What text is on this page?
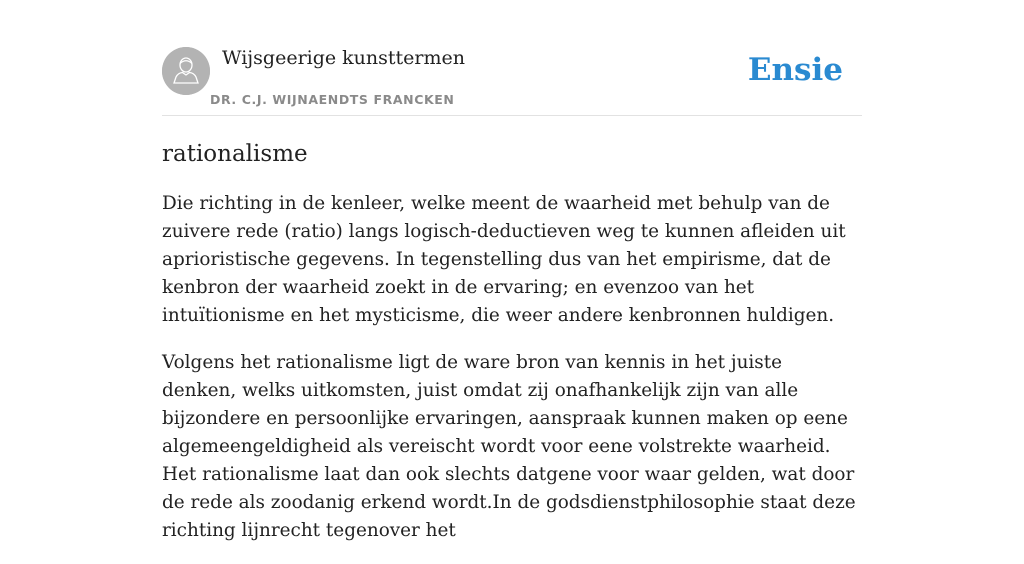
Wijsgeerige kunsttermen
DR. C.J. WIJNAENDTS FRANCKEN
Ensie
rationalisme

Die richting in de kenleer, welke meent de waarheid met behulp van de zuivere rede (ratio) langs logisch-deductieven weg te kunnen afleiden uit aprioristische gegevens. In tegenstelling dus van het empirisme, dat de kenbron der waarheid zoekt in de ervaring; en evenzoo van het intuïtionisme en het mysticisme, die weer andere kenbronnen huldigen.

Volgens het rationalisme ligt de ware bron van kennis in het juiste denken, welks uitkomsten, juist omdat zij onafhankelijk zijn van alle bijzondere en persoonlijke ervaringen, aanspraak kunnen maken op eene algemeengeldigheid als vereischt wordt voor eene volstrekte waarheid. Het rationalisme laat dan ook slechts datgene voor waar gelden, wat door de rede als zoodanig erkend wordt.In de godsdienstphilosophie staat deze richting lijnrecht tegenover het
